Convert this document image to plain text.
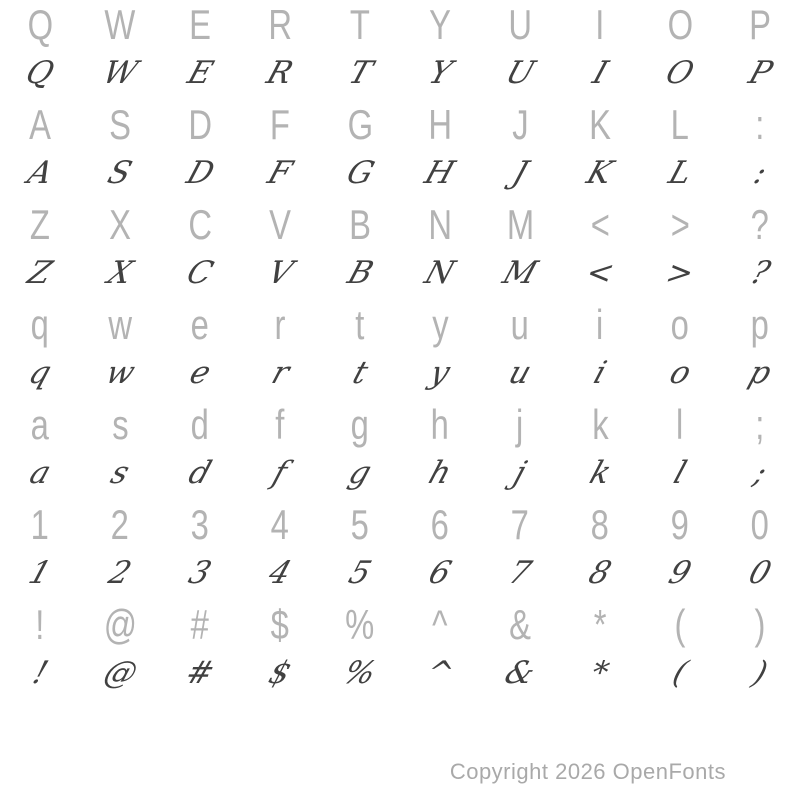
Q W E R T Y U I O P
Q W E R T Y U I O P
A S D F G H J K L :
A S D F G H J K L :
Z X C V B N M < > ?
Z X C V B N M < > ?
q w e r t y u i o p
q w e r t y u i o p
a s d f g h j k l ;
a s d f g h j k l ;
1 2 3 4 5 6 7 8 9 0
1 2 3 4 5 6 7 8 9 0
! @ # $ % ^ & * ( )
! @ # $ % ^ & * ( )
Copyright 2026 OpenFonts
